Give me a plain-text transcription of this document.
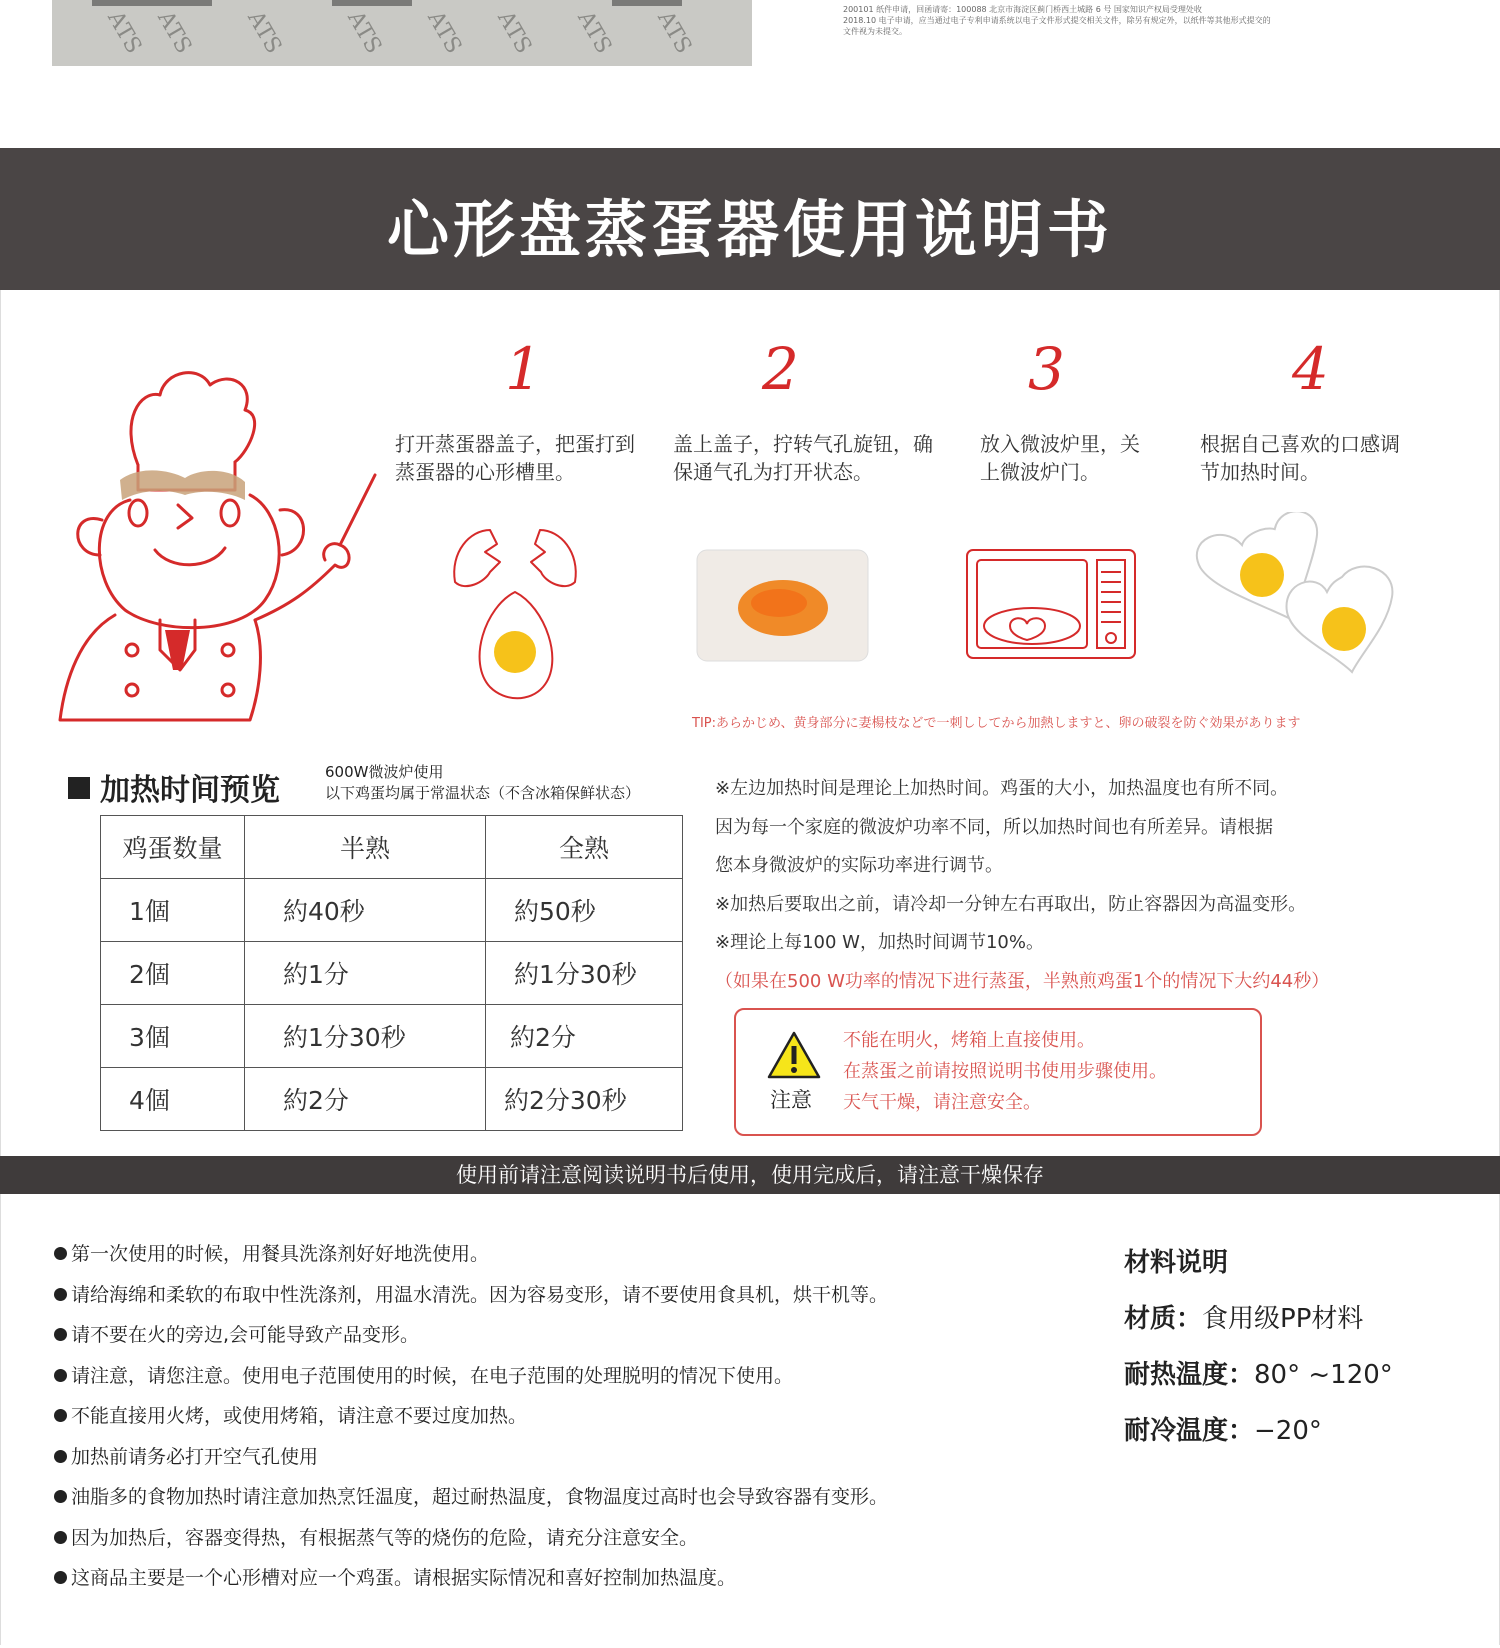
ATS ATS ATS	ATS ATS ATS ATS ATS	200101 纸件申请，回函请寄：100088 北京市海淀区蓟门桥西土城路 6 号 国家知识产权局受理处收
2018.10 电子申请，应当通过电子专利申请系统以电子文件形式提交相关文件，除另有规定外，以纸件等其他形式提交的
文件视为未提交。
心形盘蒸蛋器使用说明书
1	2	3	4
打开蒸蛋器盖子，把蛋打到蒸蛋器的心形槽里。
盖上盖子，拧转气孔旋钮，确保通气孔为打开状态。
放入微波炉里，关上微波炉门。
根据自己喜欢的口感调节加热时间。
TIP:あらかじめ、黄身部分に妻楊枝などで一刺ししてから加熱しますと、卵の破裂を防ぐ効果があります
加热时间预览
600W微波炉使用
以下鸡蛋均属于常温状态（不含冰箱保鲜状态）
鸡蛋数量	半熟	全熟
1個	約40秒	約50秒
2個	約1分	約1分30秒
3個	約1分30秒	約2分
4個	約2分	約2分30秒
※左边加热时间是理论上加热时间。鸡蛋的大小，加热温度也有所不同。
因为每一个家庭的微波炉功率不同，所以加热时间也有所差异。请根据
您本身微波炉的实际功率进行调节。
※加热后要取出之前，请冷却一分钟左右再取出，防止容器因为高温变形。
※理论上每100 W，加热时间调节10%。
（如果在500 W功率的情况下进行蒸蛋，半熟煎鸡蛋1个的情况下大约44秒）
注意
不能在明火，烤箱上直接使用。
在蒸蛋之前请按照说明书使用步骤使用。
天气干燥，请注意安全。
使用前请注意阅读说明书后使用，使用完成后，请注意干燥保存
第一次使用的时候，用餐具洗涤剂好好地洗使用。
请给海绵和柔软的布取中性洗涤剂，用温水清洗。因为容易变形，请不要使用食具机，烘干机等。
请不要在火的旁边,会可能导致产品变形。
请注意，请您注意。使用电子范围使用的时候，在电子范围的处理脱明的情况下使用。
不能直接用火烤，或使用烤箱，请注意不要过度加热。
加热前请务必打开空气孔使用
油脂多的食物加热时请注意加热烹饪温度，超过耐热温度，食物温度过高时也会导致容器有变形。
因为加热后，容器变得热，有根据蒸气等的烧伤的危险，请充分注意安全。
这商品主要是一个心形槽对应一个鸡蛋。请根据实际情况和喜好控制加热温度。
材料说明
材质：食用级PP材料
耐热温度：80° ~120°
耐冷温度：−20°
